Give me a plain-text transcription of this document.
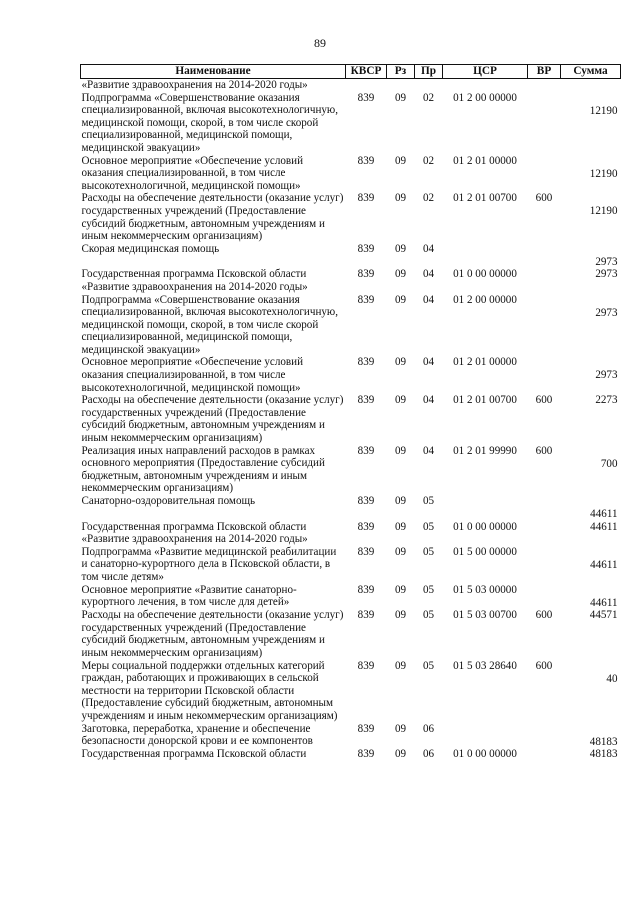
89
Наименование	КВСР	Рз	Пр	ЦСР	ВР	Сумма
«Развитие здравоохранения на 2014-2020 годы»						
Подпрограмма «Совершенствование оказания специализированной, включая высокотехнологичную, медицинской помощи, скорой, в том числе скорой специализированной, медицинской помощи, медицинской эвакуации»	839	09	02	01 2 00 00000		12190
Основное мероприятие «Обеспечение условий оказания специализированной, в том числе высокотехнологичной, медицинской помощи»	839	09	02	01 2 01 00000		12190
Расходы на обеспечение деятельности (оказание услуг) государственных учреждений (Предоставление субсидий бюджетным, автономным учреждениям и иным некоммерческим организациям)	839	09	02	01 2 01 00700	600	12190
Скорая медицинская помощь	839	09	04			2973
Государственная программа Псковской области «Развитие здравоохранения на 2014-2020 годы»	839	09	04	01 0 00 00000		2973
Подпрограмма «Совершенствование оказания специализированной, включая высокотехнологичную, медицинской помощи, скорой, в том числе скорой специализированной, медицинской помощи, медицинской эвакуации»	839	09	04	01 2 00 00000		2973
Основное мероприятие «Обеспечение условий оказания специализированной, в том числе высокотехнологичной, медицинской помощи»	839	09	04	01 2 01 00000		2973
Расходы на обеспечение деятельности (оказание услуг) государственных учреждений (Предоставление субсидий бюджетным, автономным учреждениям и иным некоммерческим организациям)	839	09	04	01 2 01 00700	600	2273
Реализация иных направлений расходов в рамках основного мероприятия (Предоставление субсидий бюджетным, автономным учреждениям и иным некоммерческим организациям)	839	09	04	01 2 01 99990	600	700
Санаторно-оздоровительная помощь	839	09	05			44611
Государственная программа Псковской области «Развитие здравоохранения на 2014-2020 годы»	839	09	05	01 0 00 00000		44611
Подпрограмма «Развитие медицинской реабилитации и санаторно-курортного дела в Псковской области, в том числе детям»	839	09	05	01 5 00 00000		44611
Основное мероприятие «Развитие санаторно-курортного лечения, в том числе для детей»	839	09	05	01 5 03 00000		44611
Расходы на обеспечение деятельности (оказание услуг) государственных учреждений (Предоставление субсидий бюджетным, автономным учреждениям и иным некоммерческим организациям)	839	09	05	01 5 03 00700	600	44571
Меры социальной поддержки отдельных категорий граждан, работающих и проживающих в сельской местности на территории Псковской области (Предоставление субсидий бюджетным, автономным учреждениям и иным некоммерческим организациям)	839	09	05	01 5 03 28640	600	40
Заготовка, переработка, хранение и обеспечение безопасности донорской крови и ее компонентов	839	09	06			48183
Государственная программа Псковской области	839	09	06	01 0 00 00000		48183
